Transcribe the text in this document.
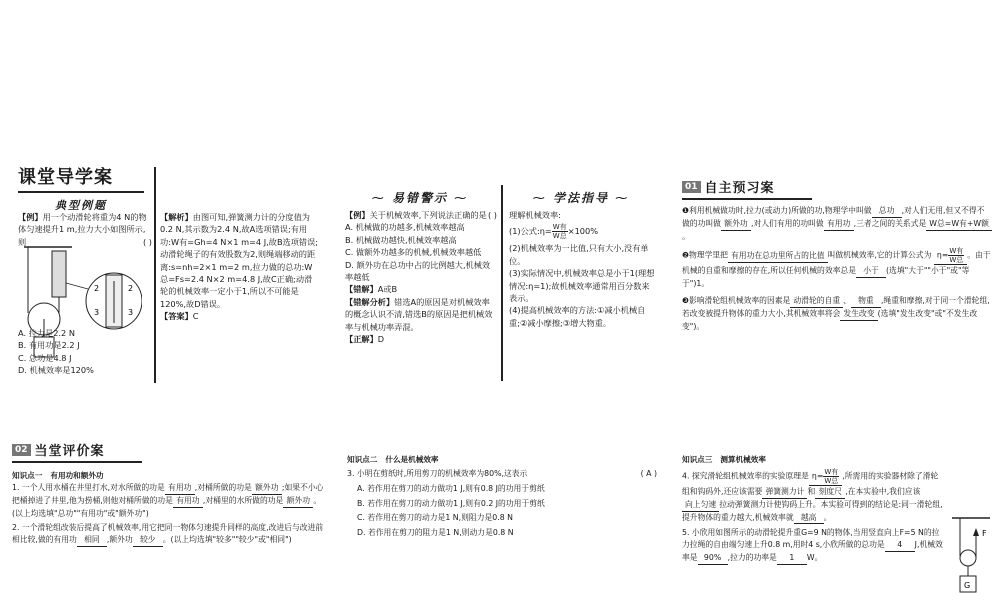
课堂导学案
典型例题
【例】用一个动滑轮将重为4 N的物体匀速提升1 m,拉力大小如图所示,则	( )
2
3
2
3
A. 拉力是2.2 N
B. 有用功是2.2 J
C. 总功是4.8 J
D. 机械效率是120%
【解析】由图可知,弹簧测力计的分度值为0.2 N,其示数为2.4 N,故A选项错误;有用功:W有=Gh=4 N×1 m=4 J,故B选项错误;动滑轮绳子的有效股数为2,则绳端移动的距离:s=nh=2×1 m=2 m,拉力做的总功:W总=Fs=2.4 N×2 m=4.8 J,故C正确;动滑轮的机械效率一定小于1,所以不可能是120%,故D错误。
【答案】C
⁓ 易错警示 ⁓
【例】关于机械效率,下列说法正确的是 ( )
A. 机械做的功越多,机械效率越高
B. 机械做功越快,机械效率越高
C. 做额外功越多的机械,机械效率越低
D. 额外功在总功中占的比例越大,机械效率越低
【错解】A或B
【错解分析】错选A的原因是对机械效率的概念认识不清,错选B的原因是把机械效率与机械功率弄混。
【正解】D
⁓ 学法指导 ⁓
理解机械效率:
(1)公式:η= $\frac{\text{W有}}{\text{W总}} \times 100\%$
(2)机械效率为一比值,只有大小,没有单位。
(3)实际情况中,机械效率总是小于1(理想情况:η=1);故机械效率通常用百分数来表示。
(4)提高机械效率的方法:①减小机械自重;②减小摩擦;③增大物重。
01 自主预习案
❶利用机械做功时,拉力(或动力)所做的功,物理学中叫做 总功 ,对人们无用,但又不得不做的功叫做 额外功 ,对人们有用的功叫做 有用功 ,三者之间的关系式是 W总=W有+W额。
❷物理学里把 有用功在总功里所占的比值 叫做机械效率,它的计算公式为 $\eta= \frac{\text{W有}}{\text{W总}}$ 。由于机械的自重和摩擦的存在,所以任何机械的效率总是 小于 (选填"大于""小于"或"等于")1。
❸影响滑轮组机械效率的因素是 动滑轮的自重 、 物重 ,绳重和摩擦,对于同一个滑轮组,若改变被提升物体的重力大小,其机械效率将会 发生改变 (选填"发生改变"或"不发生改变")。
02 当堂评价案
知识点一 有用功和额外功
1. 一个人用水桶在井里打水,对水所做的功是 有用功 ,对桶所做的功是 额外功 ;如果不小心把桶掉进了井里,他为捞桶,则他对桶所做的功是 有用功 ,对桶里的水所做的功是 额外功 。(以上均选填"总功""有用功"或"额外功")
2. 一个滑轮组改装后提高了机械效率,用它把同一物体匀速提升同样的高度,改进后与改进前相比较,做的有用功 相同 ,额外功 较少 。(以上均选填"较多""较少"或"相同")
知识点二 什么是机械效率
3. 小明在剪纸时,所用剪刀的机械效率为80%,这表示	( A )
A. 若作用在剪刀的动力做功1 J,则有0.8 J的功用于剪纸
B. 若作用在剪刀的动力做功1 J,则有0.2 J的功用于剪纸
C. 若作用在剪刀的动力是1 N,则阻力是0.8 N
D. 若作用在剪刀的阻力是1 N,则动力是0.8 N
知识点三 测算机械效率
4. 探究滑轮组机械效率的实验原理是 $\eta= \frac{\text{W有}}{\text{W总}}$ ,所需用的实验器材除了滑轮组和钩码外,还应该需要 弹簧测力计 和 刻度尺 ,在本实验中,我们应该向上匀速 拉动弹簧测力计使钩码上升。本实验可得到的结论是:同一滑轮组,提升物体的重力越大,机械效率就 越高 。
5. 小欣用如图所示的动滑轮提升重G=9 N的物体,当用竖直向上F=5 N的拉力拉绳的自由端匀速上升0.8 m,用时4 s,小欣所做的总功是 4 J,机械效率是 90% ,拉力的功率是 1 W。
F
G
